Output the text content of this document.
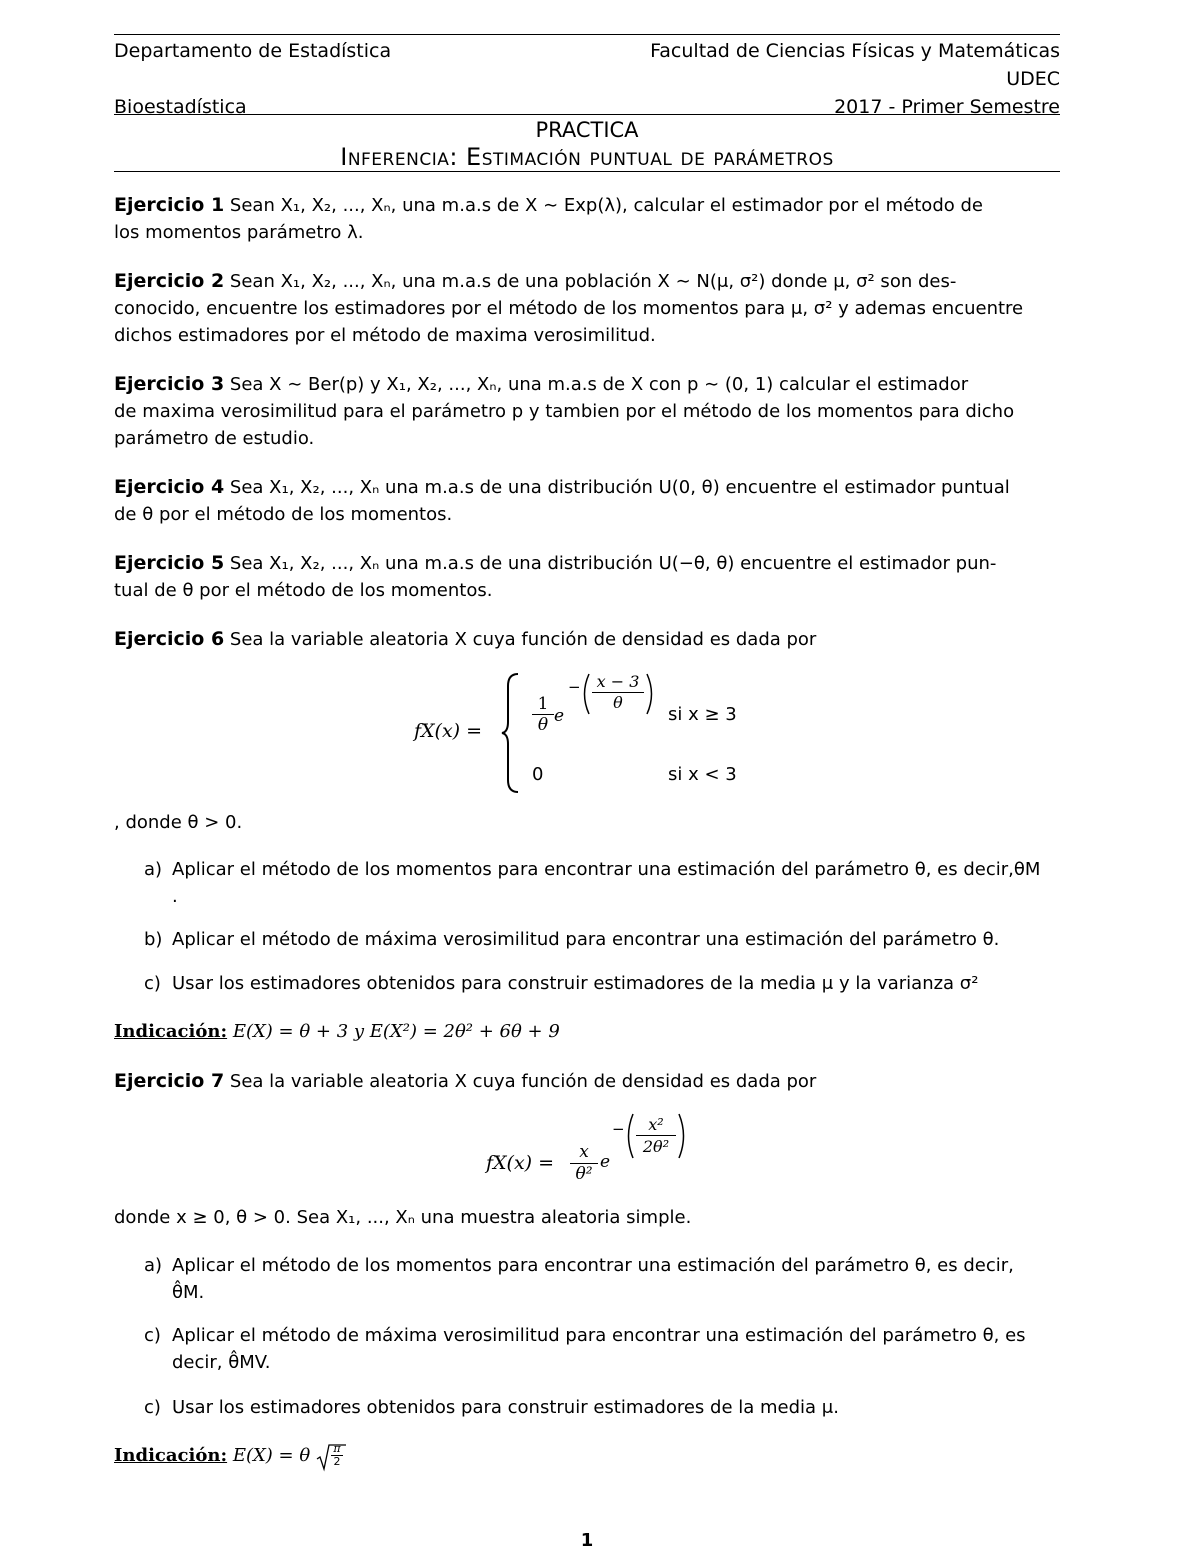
Departamento de Estadística	Facultad de Ciencias Físicas y Matemáticas
UDEC
Bioestadística	2017 - Primer Semestre
PRACTICA
Inferencia: Estimación puntual de parámetros
Ejercicio 1 Sean X₁, X₂, ..., Xₙ, una m.a.s de X ∼ Exp(λ), calcular el estimador por el método de
los momentos parámetro λ.
Ejercicio 2 Sean X₁, X₂, ..., Xₙ, una m.a.s de una población X ∼ N(μ, σ²) donde μ, σ² son des-
conocido, encuentre los estimadores por el método de los momentos para μ, σ² y ademas encuentre
dichos estimadores por el método de maxima verosimilitud.
Ejercicio 3 Sea X ∼ Ber(p) y X₁, X₂, ..., Xₙ, una m.a.s de X con p ∼ (0, 1) calcular el estimador
de maxima verosimilitud para el parámetro p y tambien por el método de los momentos para dicho
parámetro de estudio.
Ejercicio 4 Sea X₁, X₂, ..., Xₙ una m.a.s de una distribución U(0, θ) encuentre el estimador puntual
de θ por el método de los momentos.
Ejercicio 5 Sea X₁, X₂, ..., Xₙ una m.a.s de una distribución U(−θ, θ) encuentre el estimador pun-
tual de θ por el método de los momentos.
Ejercicio 6 Sea la variable aleatoria X cuya función de densidad es dada por
fX(x) =	$\frac{1}{\theta}$ e
− $\frac{x - 3}{\theta}$
si x ≥ 3
0	si x < 3
, donde θ > 0.
a) Aplicar el método de los momentos para encontrar una estimación del parámetro θ, es decir,θM
.
b) Aplicar el método de máxima verosimilitud para encontrar una estimación del parámetro θ.
c) Usar los estimadores obtenidos para construir estimadores de la media μ y la varianza σ²
Indicación: E(X) = θ + 3 y E(X²) = 2θ² + 6θ + 9
Ejercicio 7 Sea la variable aleatoria X cuya función de densidad es dada por
$fX(x) = \frac{x}{\text{θ²}}$ e
− $\frac{\text{x²}}{\text{2θ²}}$
donde x ≥ 0, θ > 0. Sea X₁, ..., Xₙ una muestra aleatoria simple.
a) Aplicar el método de los momentos para encontrar una estimación del parámetro θ, es decir,
θ̂M.
c) Aplicar el método de máxima verosimilitud para encontrar una estimación del parámetro θ, es
decir, θ̂MV.
c) Usar los estimadores obtenidos para construir estimadores de la media μ.
Indicación: E(X) = θ π
2
1
